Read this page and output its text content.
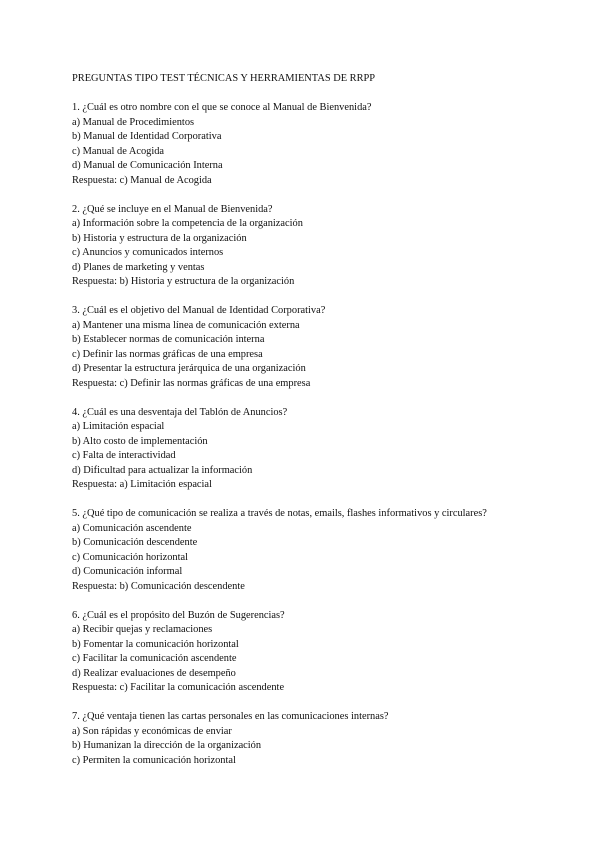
PREGUNTAS TIPO TEST TÉCNICAS Y HERRAMIENTAS DE RRPP
1. ¿Cuál es otro nombre con el que se conoce al Manual de Bienvenida?
a) Manual de Procedimientos
b) Manual de Identidad Corporativa
c) Manual de Acogida
d) Manual de Comunicación Interna
Respuesta: c) Manual de Acogida
2. ¿Qué se incluye en el Manual de Bienvenida?
a) Información sobre la competencia de la organización
b) Historia y estructura de la organización
c) Anuncios y comunicados internos
d) Planes de marketing y ventas
Respuesta: b) Historia y estructura de la organización
3. ¿Cuál es el objetivo del Manual de Identidad Corporativa?
a) Mantener una misma línea de comunicación externa
b) Establecer normas de comunicación interna
c) Definir las normas gráficas de una empresa
d) Presentar la estructura jerárquica de una organización
Respuesta: c) Definir las normas gráficas de una empresa
4. ¿Cuál es una desventaja del Tablón de Anuncios?
a) Limitación espacial
b) Alto costo de implementación
c) Falta de interactividad
d) Dificultad para actualizar la información
Respuesta: a) Limitación espacial
5. ¿Qué tipo de comunicación se realiza a través de notas, emails, flashes informativos y circulares?
a) Comunicación ascendente
b) Comunicación descendente
c) Comunicación horizontal
d) Comunicación informal
Respuesta: b) Comunicación descendente
6. ¿Cuál es el propósito del Buzón de Sugerencias?
a) Recibir quejas y reclamaciones
b) Fomentar la comunicación horizontal
c) Facilitar la comunicación ascendente
d) Realizar evaluaciones de desempeño
Respuesta: c) Facilitar la comunicación ascendente
7. ¿Qué ventaja tienen las cartas personales en las comunicaciones internas?
a) Son rápidas y económicas de enviar
b) Humanizan la dirección de la organización
c) Permiten la comunicación horizontal
